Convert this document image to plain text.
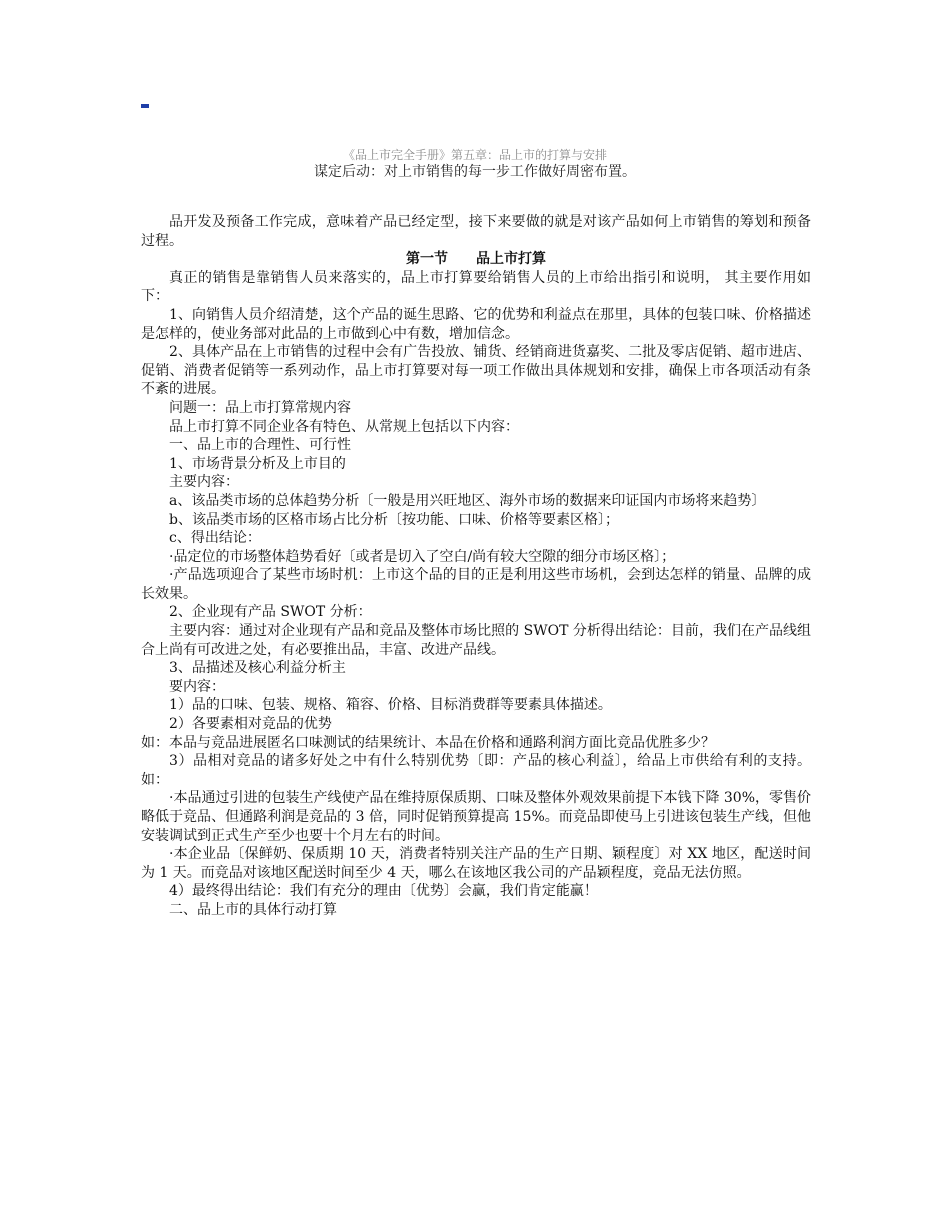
《品上市完全手册》第五章：品上市的打算与安排
谋定后动：对上市销售的每一步工作做好周密布置。

品开发及预备工作完成，意味着产品已经定型，接下来要做的就是对该产品如何上市销售的筹划和预备过程。

第一节 品上市打算

真正的销售是靠销售人员来落实的，品上市打算要给销售人员的上市给出指引和说明， 其主要作用如下：

1、向销售人员介绍清楚，这个产品的诞生思路、它的优势和利益点在那里，具体的包装口味、价格描述是怎样的，使业务部对此品的上市做到心中有数，增加信念。

2、具体产品在上市销售的过程中会有广告投放、铺货、经销商进货嘉奖、二批及零店促销、超市进店、促销、消费者促销等一系列动作，品上市打算要对每一项工作做出具体规划和安排，确保上市各项活动有条不紊的进展。

问题一：品上市打算常规内容

品上市打算不同企业各有特色、从常规上包括以下内容：

一、品上市的合理性、可行性

1、市场背景分析及上市目的

主要内容：

a、该品类市场的总体趋势分析〔一般是用兴旺地区、海外市场的数据来印证国内市场将来趋势〕

b、该品类市场的区格市场占比分析〔按功能、口味、价格等要素区格〕；

c、得出结论：

·品定位的市场整体趋势看好〔或者是切入了空白/尚有较大空隙的细分市场区格〕；

·产品选项迎合了某些市场时机：上市这个品的目的正是利用这些市场机，会到达怎样的销量、品牌的成长效果。

2、企业现有产品 SWOT 分析：

主要内容：通过对企业现有产品和竞品及整体市场比照的 SWOT 分析得出结论：目前，我们在产品线组合上尚有可改进之处，有必要推出品，丰富、改进产品线。

3、品描述及核心利益分析主

要内容：

1）品的口味、包装、规格、箱容、价格、目标消费群等要素具体描述。

2）各要素相对竞品的优势

如：本品与竞品进展匿名口味测试的结果统计、本品在价格和通路利润方面比竞品优胜多少？

3）品相对竞品的诸多好处之中有什么特别优势〔即：产品的核心利益〕，给品上市供给有利的支持。如：

·本品通过引进的包装生产线使产品在维持原保质期、口味及整体外观效果前提下本钱下降 30%，零售价略低于竞品、但通路利润是竞品的 3 倍，同时促销预算提高 15%。而竞品即使马上引进该包装生产线，但他安装调试到正式生产至少也要十个月左右的时间。

·本企业品〔保鲜奶、保质期 10 天，消费者特别关注产品的生产日期、颖程度〕对 XX 地区，配送时间为 1 天。而竞品对该地区配送时间至少 4 天，哪么在该地区我公司的产品颖程度，竞品无法仿照。

4）最终得出结论：我们有充分的理由〔优势〕会赢，我们肯定能赢！

二、品上市的具体行动打算
